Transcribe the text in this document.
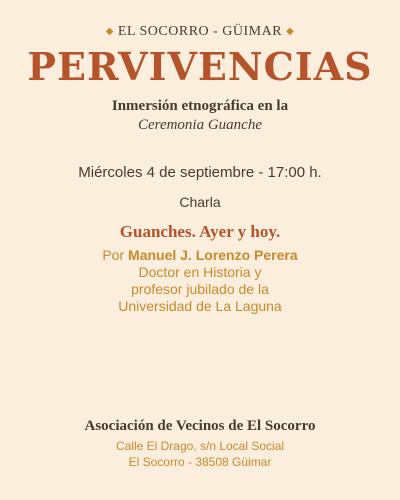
◆ EL SOCORRO - GÜIMAR ◆
PERVIVENCIAS
Inmersión etnográfica en la
Ceremonia Guanche
Miércoles 4 de septiembre - 17:00 h.
Charla
Guanches. Ayer y hoy.
Por Manuel J. Lorenzo Perera
Doctor en Historia y
profesor jubilado de la
Universidad de La Laguna
Asociación de Vecinos de El Socorro
Calle El Drago, s/n Local Social
El Socorro - 38508 Güimar
